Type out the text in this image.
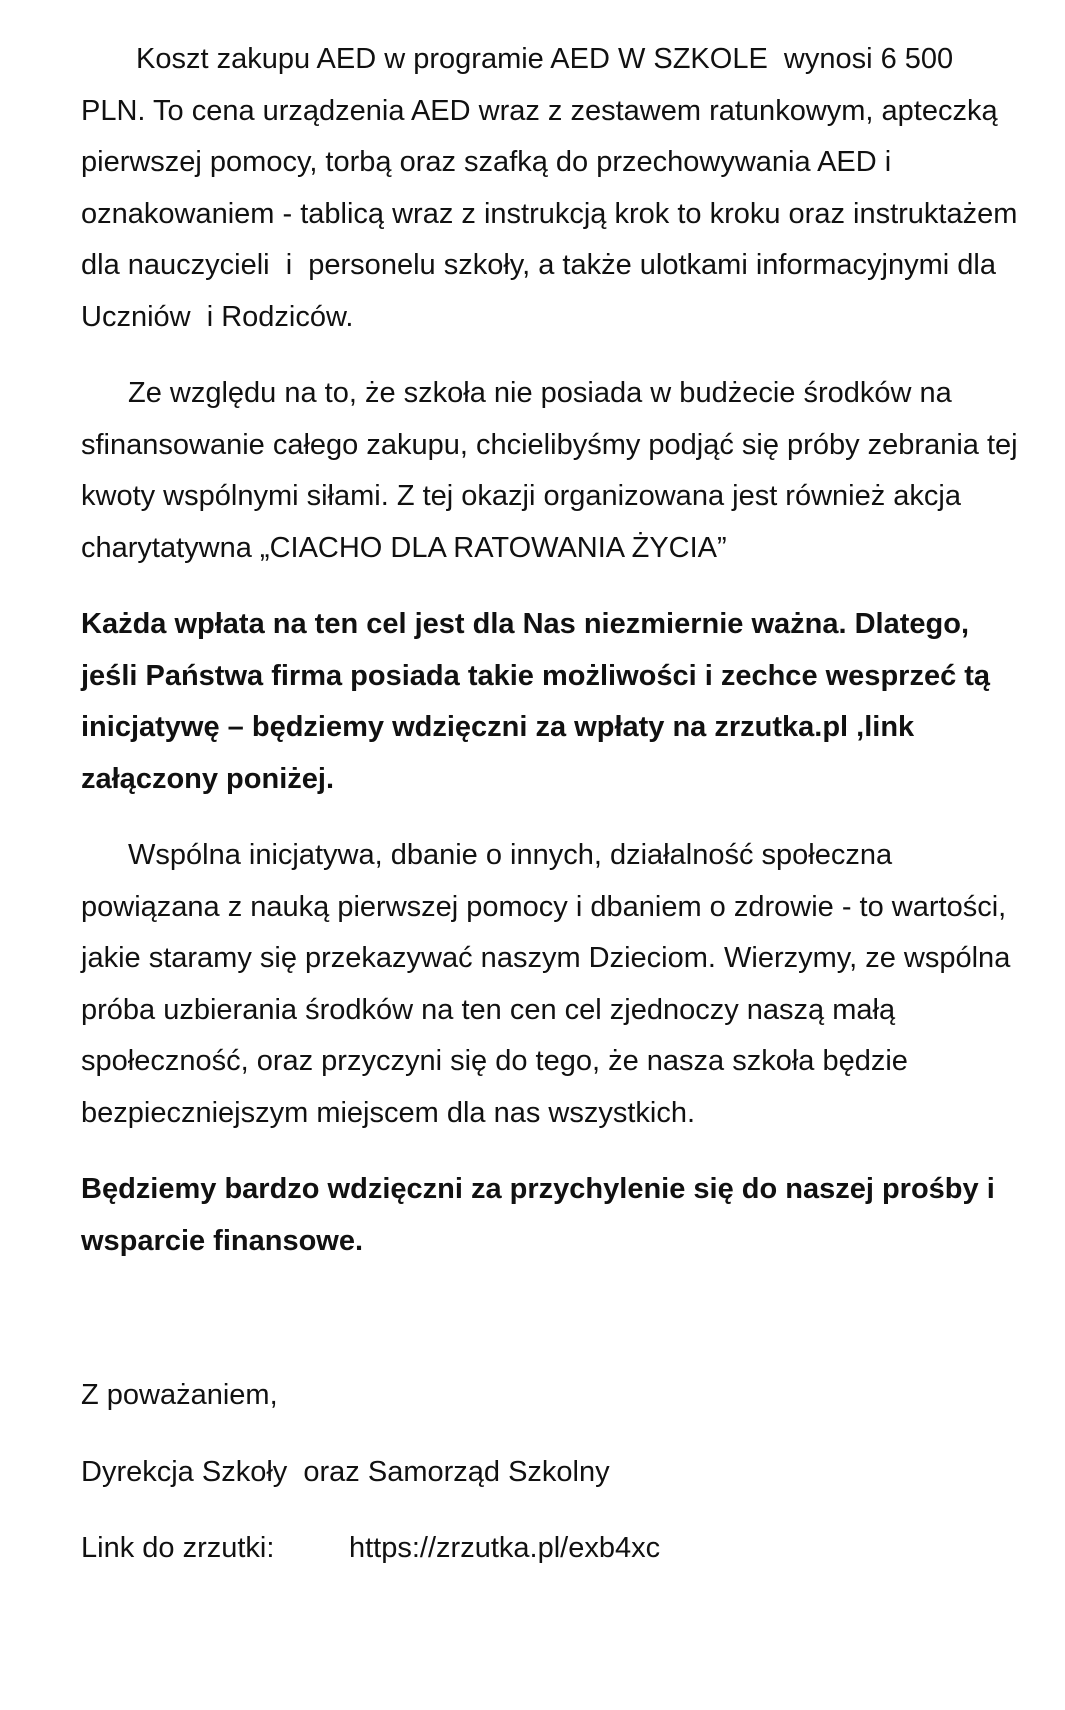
Koszt zakupu AED w programie AED W SZKOLE  wynosi 6 500 PLN. To cena urządzenia AED wraz z zestawem ratunkowym, apteczką pierwszej pomocy, torbą oraz szafką do przechowywania AED i oznakowaniem - tablicą wraz z instrukcją krok to kroku oraz instruktażem dla nauczycieli  i  personelu szkoły, a także ulotkami informacyjnymi dla Uczniów  i Rodziców.

Ze względu na to, że szkoła nie posiada w budżecie środków na sfinansowanie całego zakupu, chcielibyśmy podjąć się próby zebrania tej kwoty wspólnymi siłami. Z tej okazji organizowana jest również akcja charytatywna „CIACHO DLA RATOWANIA ŻYCIA”

Każda wpłata na ten cel jest dla Nas niezmiernie ważna. Dlatego, jeśli Państwa firma posiada takie możliwości i zechce wesprzeć tą inicjatywę – będziemy wdzięczni za wpłaty na zrzutka.pl ,link załączony poniżej.

Wspólna inicjatywa, dbanie o innych, działalność społeczna powiązana z nauką pierwszej pomocy i dbaniem o zdrowie - to wartości, jakie staramy się przekazywać naszym Dzieciom. Wierzymy, ze wspólna próba uzbierania środków na ten cen cel zjednoczy naszą małą społeczność, oraz przyczyni się do tego, że nasza szkoła będzie bezpieczniejszym miejscem dla nas wszystkich.

Będziemy bardzo wdzięczni za przychylenie się do naszej prośby i wsparcie finansowe.

Z poważaniem,

Dyrekcja Szkoły  oraz Samorząd Szkolny

Link do zrzutki:	https://zrzutka.pl/exb4xc
